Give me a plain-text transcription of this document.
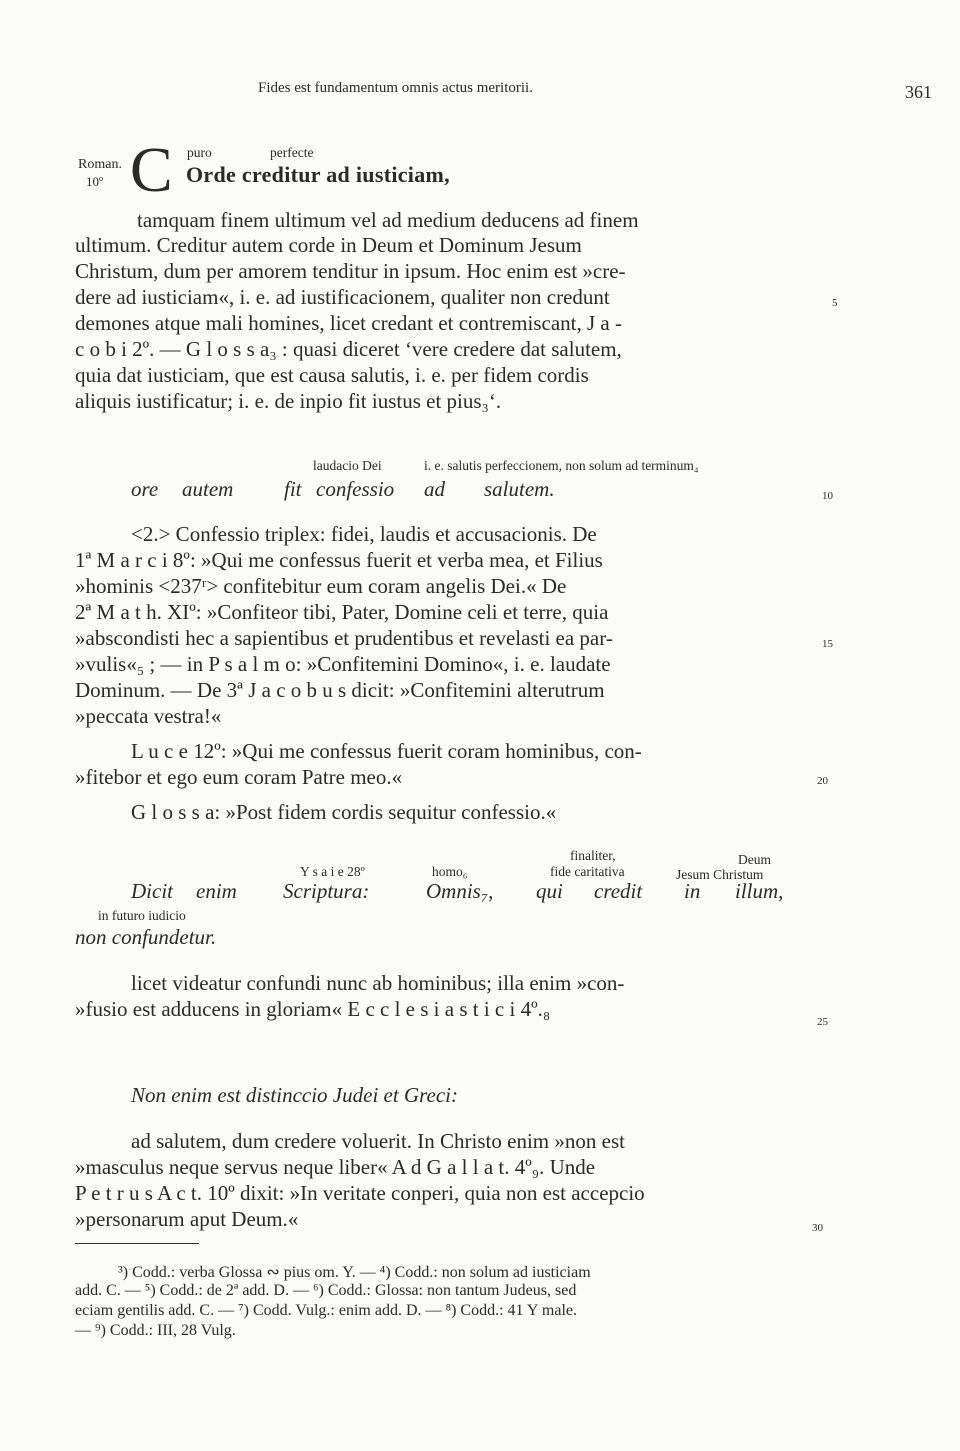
Fides est fundamentum omnis actus meritorii.	361
Roman.
10º
puro	perfecte
C Orde creditur ad iusticiam,
tamquam finem ultimum vel ad medium deducens ad finem
ultimum. Creditur autem corde in Deum et Dominum Jesum
Christum, dum per amorem tenditur in ipsum. Hoc enim est »cre-
dere ad iusticiam«, i. e. ad iustificacionem, qualiter non credunt
demones atque mali homines, licet credant et contremiscant, J a -
c o b i 2º. — G l o s s a₃ : quasi diceret ‘vere credere dat salutem,
quia dat iusticiam, que est causa salutis, i. e. per fidem cordis
aliquis iustificatur; i. e. de inpio fit iustus et pius₃‘.
laudacio Dei	i. e. salutis perfeccionem, non solum ad terminum₄
ore autem fit confessio ad salutem.
<2.> Confessio triplex: fidei, laudis et accusacionis. De
1ª M a r c i 8º: »Qui me confessus fuerit et verba mea, et Filius
»hominis <237ʳ> confitebitur eum coram angelis Dei.« De
2ª M a t h. XIº: »Confiteor tibi, Pater, Domine celi et terre, quia
»abscondisti hec a sapientibus et prudentibus et revelasti ea par-
»vulis«₅ ; — in P s a l m o: »Confitemini Domino«, i. e. laudate
Dominum. — De 3ª J a c o b u s dicit: »Confitemini alterutrum
»peccata vestra!«
L u c e 12º: »Qui me confessus fuerit coram hominibus, con-
»fitebor et ego eum coram Patre meo.«
G l o s s a: »Post fidem cordis sequitur confessio.«
finaliter,	Deum
Y s a i e 28º	homo₆	fide caritativa	Jesum Christum
Dicit enim Scriptura:	Omnis₇, qui credit in illum,
in futuro iudicio
non confundetur.
licet videatur confundi nunc ab hominibus; illa enim »con-
»fusio est adducens in gloriam« E c c l e s i a s t i c i 4º.₈
Non enim est distinccio Judei et Greci:
ad salutem, dum credere voluerit. In Christo enim »non est
»masculus neque servus neque liber« A d G a l l a t. 4º₉. Unde
P e t r u s A c t. 10º dixit: »In veritate conperi, quia non est accepcio
»personarum aput Deum.«
³) Codd.: verba Glossa ∾ pius om. Y. — ⁴) Codd.: non solum ad iusticiam
add. C. — ⁵) Codd.: de 2ª add. D. — ⁶) Codd.: Glossa: non tantum Judeus, sed
eciam gentilis add. C. — ⁷) Codd. Vulg.: enim add. D. — ⁸) Codd.: 41 Y male.
— ⁹) Codd.: III, 28 Vulg.
5
10
15
20
25
30
